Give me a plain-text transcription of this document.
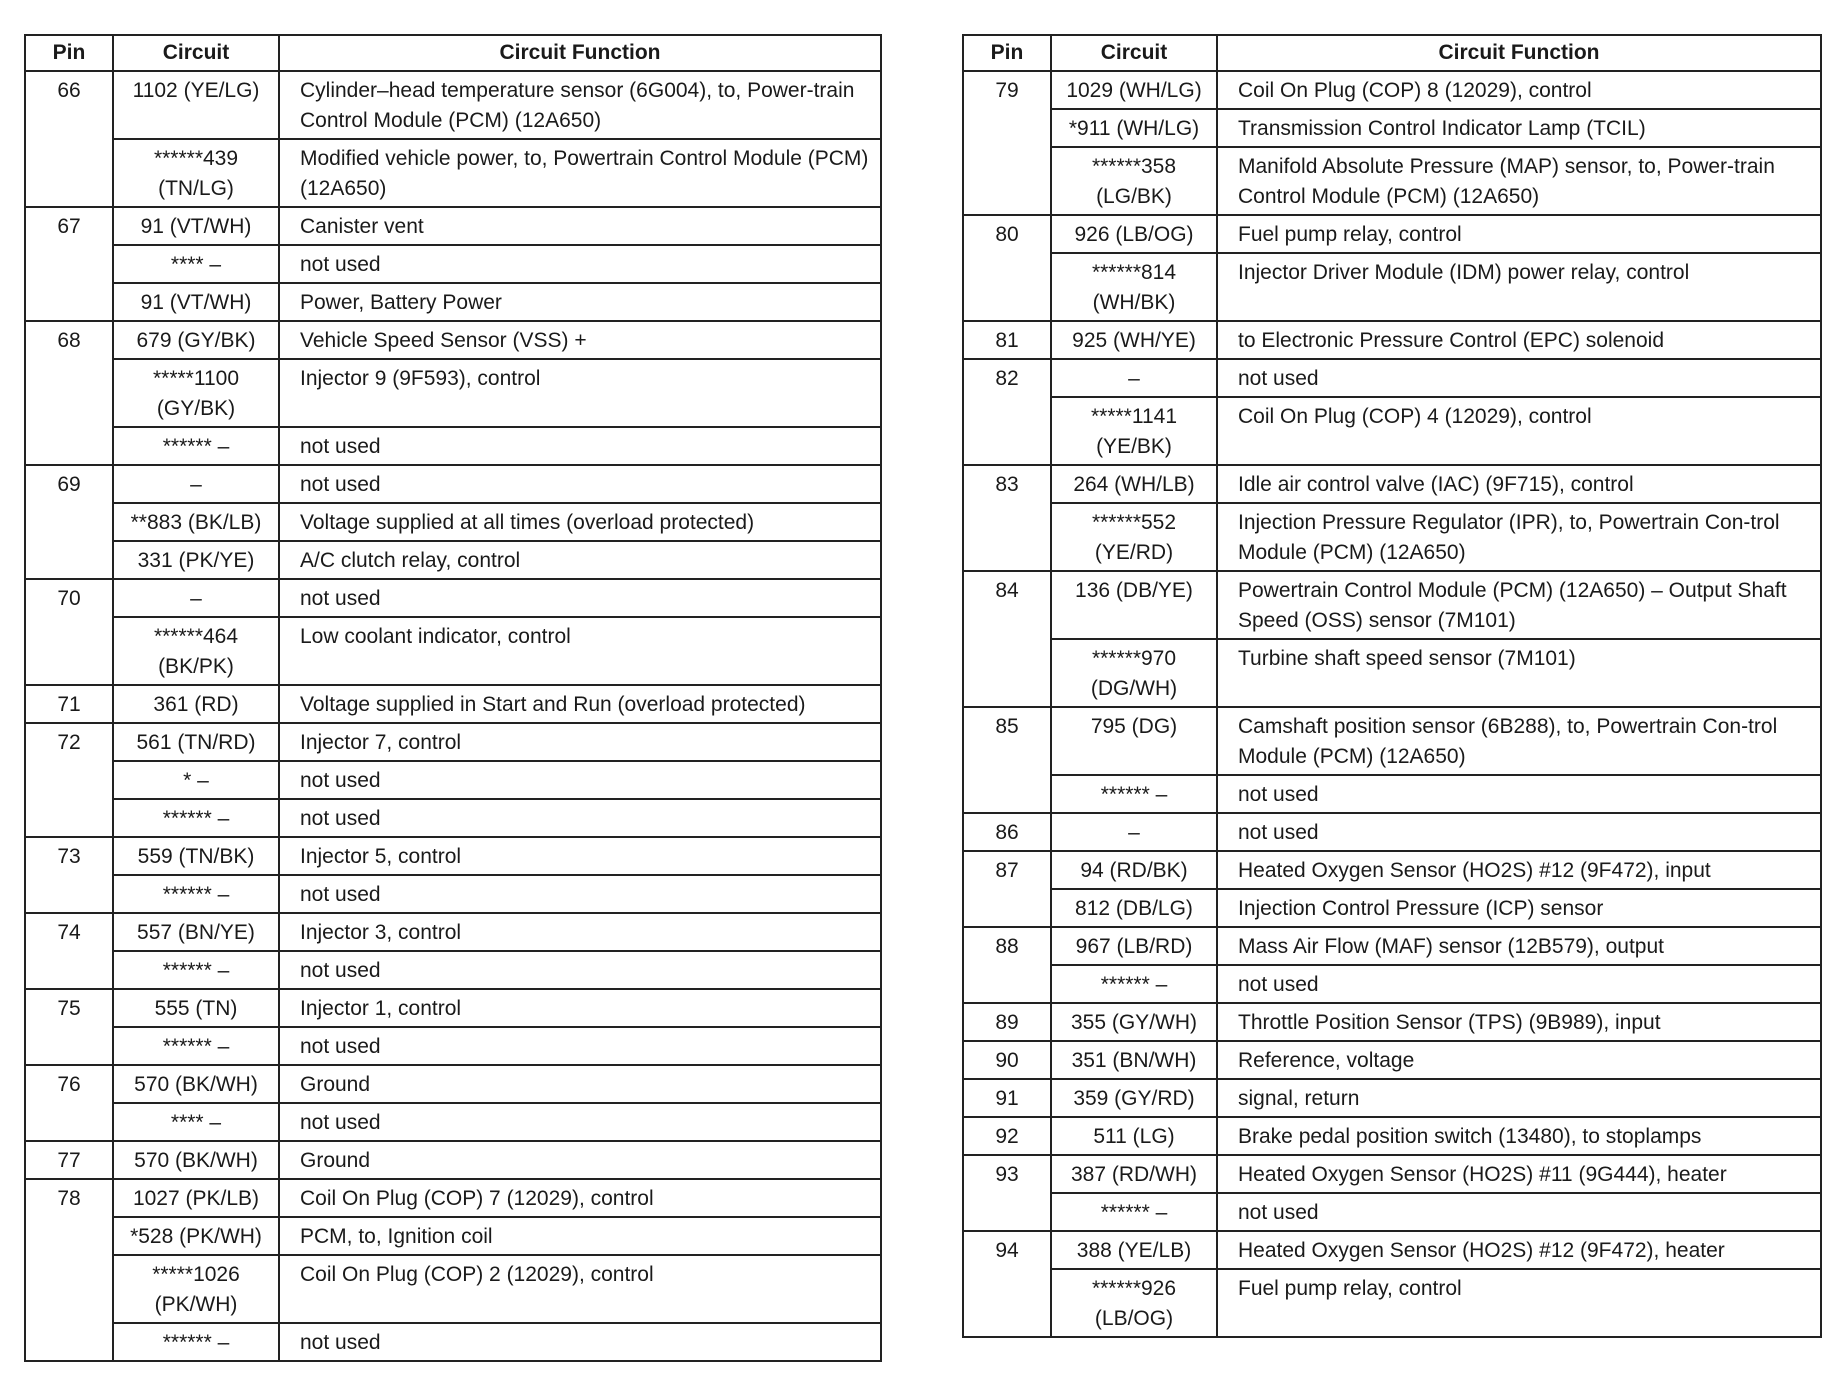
Pin	Circuit	Circuit Function
66	1102 (YE/LG)	Cylinder–head temperature sensor (6G004), to, Power-train Control Module (PCM) (12A650)
	******439 (TN/LG)	Modified vehicle power, to, Powertrain Control Module (PCM) (12A650)
67	91 (VT/WH)	Canister vent
	**** –	not used
	91 (VT/WH)	Power, Battery Power
68	679 (GY/BK)	Vehicle Speed Sensor (VSS) +
	*****1100 (GY/BK)	Injector 9 (9F593), control
	****** –	not used
69	–	not used
	**883 (BK/LB)	Voltage supplied at all times (overload protected)
	331 (PK/YE)	A/C clutch relay, control
70	–	not used
	******464 (BK/PK)	Low coolant indicator, control
71	361 (RD)	Voltage supplied in Start and Run (overload protected)
72	561 (TN/RD)	Injector 7, control
	* –	not used
	****** –	not used
73	559 (TN/BK)	Injector 5, control
	****** –	not used
74	557 (BN/YE)	Injector 3, control
	****** –	not used
75	555 (TN)	Injector 1, control
	****** –	not used
76	570 (BK/WH)	Ground
	**** –	not used
77	570 (BK/WH)	Ground
78	1027 (PK/LB)	Coil On Plug (COP) 7 (12029), control
	*528 (PK/WH)	PCM, to, Ignition coil
	*****1026 (PK/WH)	Coil On Plug (COP) 2 (12029), control
	****** –	not used
Pin	Circuit	Circuit Function
79	1029 (WH/LG)	Coil On Plug (COP) 8 (12029), control
	*911 (WH/LG)	Transmission Control Indicator Lamp (TCIL)
	******358 (LG/BK)	Manifold Absolute Pressure (MAP) sensor, to, Power-train Control Module (PCM) (12A650)
80	926 (LB/OG)	Fuel pump relay, control
	******814 (WH/BK)	Injector Driver Module (IDM) power relay, control
81	925 (WH/YE)	to Electronic Pressure Control (EPC) solenoid
82	–	not used
	*****1141 (YE/BK)	Coil On Plug (COP) 4 (12029), control
83	264 (WH/LB)	Idle air control valve (IAC) (9F715), control
	******552 (YE/RD)	Injection Pressure Regulator (IPR), to, Powertrain Con-trol Module (PCM) (12A650)
84	136 (DB/YE)	Powertrain Control Module (PCM) (12A650) – Output Shaft Speed (OSS) sensor (7M101)
	******970 (DG/WH)	Turbine shaft speed sensor (7M101)
85	795 (DG)	Camshaft position sensor (6B288), to, Powertrain Con-trol Module (PCM) (12A650)
	****** –	not used
86	–	not used
87	94 (RD/BK)	Heated Oxygen Sensor (HO2S) #12 (9F472), input
	812 (DB/LG)	Injection Control Pressure (ICP) sensor
88	967 (LB/RD)	Mass Air Flow (MAF) sensor (12B579), output
	****** –	not used
89	355 (GY/WH)	Throttle Position Sensor (TPS) (9B989), input
90	351 (BN/WH)	Reference, voltage
91	359 (GY/RD)	signal, return
92	511 (LG)	Brake pedal position switch (13480), to stoplamps
93	387 (RD/WH)	Heated Oxygen Sensor (HO2S) #11 (9G444), heater
	****** –	not used
94	388 (YE/LB)	Heated Oxygen Sensor (HO2S) #12 (9F472), heater
	******926 (LB/OG)	Fuel pump relay, control
